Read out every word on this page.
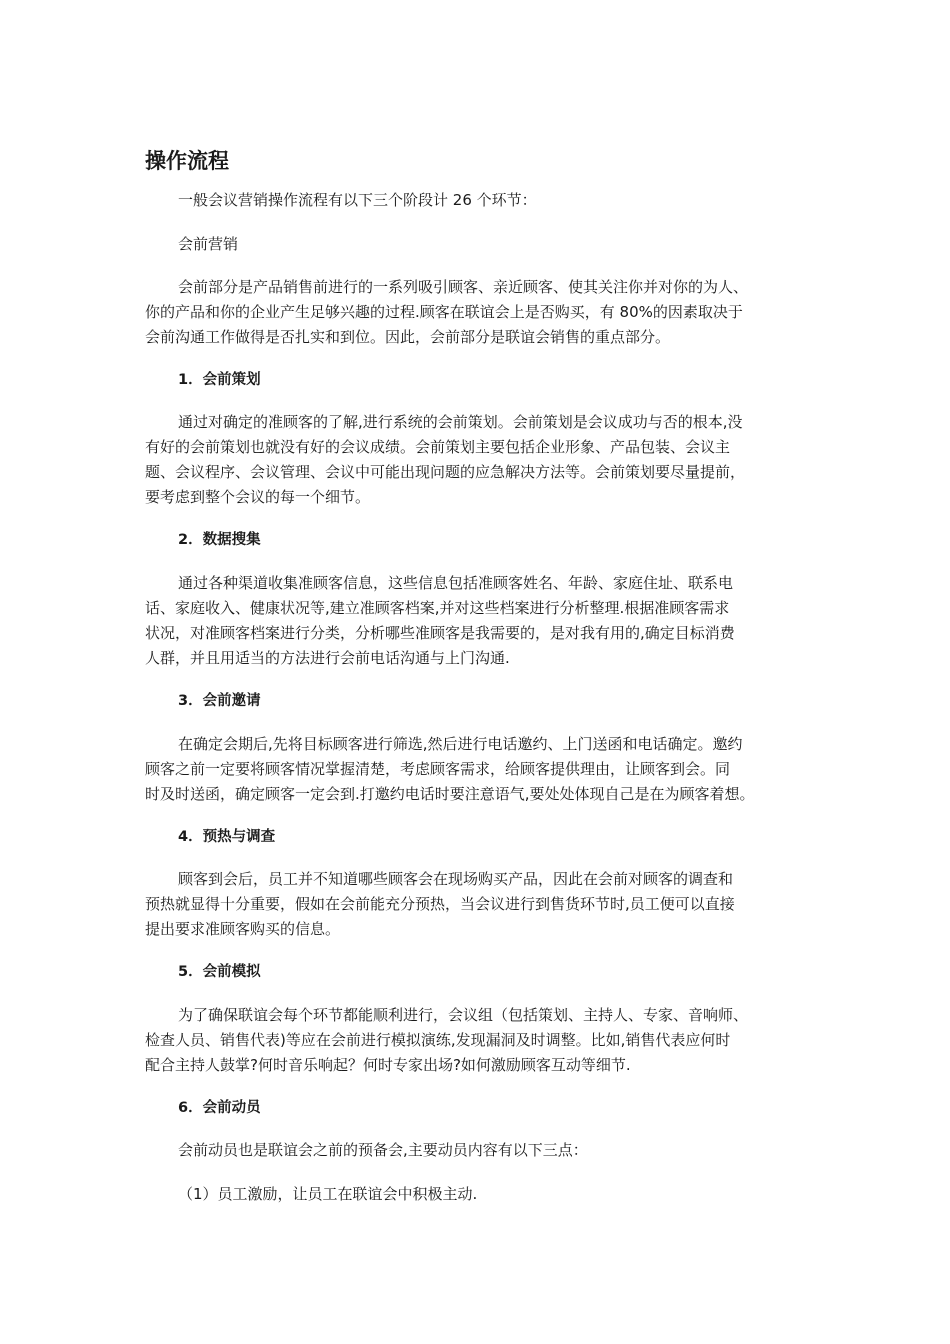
操作流程
一般会议营销操作流程有以下三个阶段计 26 个环节：
会前营销
会前部分是产品销售前进行的一系列吸引顾客、亲近顾客、使其关注你并对你的为人、
你的产品和你的企业产生足够兴趣的过程.顾客在联谊会上是否购买，有 80%的因素取决于
会前沟通工作做得是否扎实和到位。因此，会前部分是联谊会销售的重点部分。
1．会前策划
通过对确定的准顾客的了解,进行系统的会前策划。会前策划是会议成功与否的根本,没
有好的会前策划也就没有好的会议成绩。会前策划主要包括企业形象、产品包装、会议主
题、会议程序、会议管理、会议中可能出现问题的应急解决方法等。会前策划要尽量提前，
要考虑到整个会议的每一个细节。
2．数据搜集
通过各种渠道收集准顾客信息，这些信息包括准顾客姓名、年龄、家庭住址、联系电
话、家庭收入、健康状况等,建立准顾客档案,并对这些档案进行分析整理.根据准顾客需求
状况，对准顾客档案进行分类，分析哪些准顾客是我需要的，是对我有用的,确定目标消费
人群，并且用适当的方法进行会前电话沟通与上门沟通.
3．会前邀请
在确定会期后,先将目标顾客进行筛选,然后进行电话邀约、上门送函和电话确定。邀约
顾客之前一定要将顾客情况掌握清楚，考虑顾客需求，给顾客提供理由，让顾客到会。同
时及时送函，确定顾客一定会到.打邀约电话时要注意语气,要处处体现自己是在为顾客着想。
4．预热与调查
顾客到会后，员工并不知道哪些顾客会在现场购买产品，因此在会前对顾客的调查和
预热就显得十分重要，假如在会前能充分预热，当会议进行到售货环节时,员工便可以直接
提出要求准顾客购买的信息。
5．会前模拟
为了确保联谊会每个环节都能顺利进行，会议组（包括策划、主持人、专家、音响师、
检查人员、销售代表)等应在会前进行模拟演练,发现漏洞及时调整。比如,销售代表应何时
配合主持人鼓掌?何时音乐响起？何时专家出场?如何激励顾客互动等细节.
6．会前动员
会前动员也是联谊会之前的预备会,主要动员内容有以下三点：
（1）员工激励，让员工在联谊会中积极主动.
